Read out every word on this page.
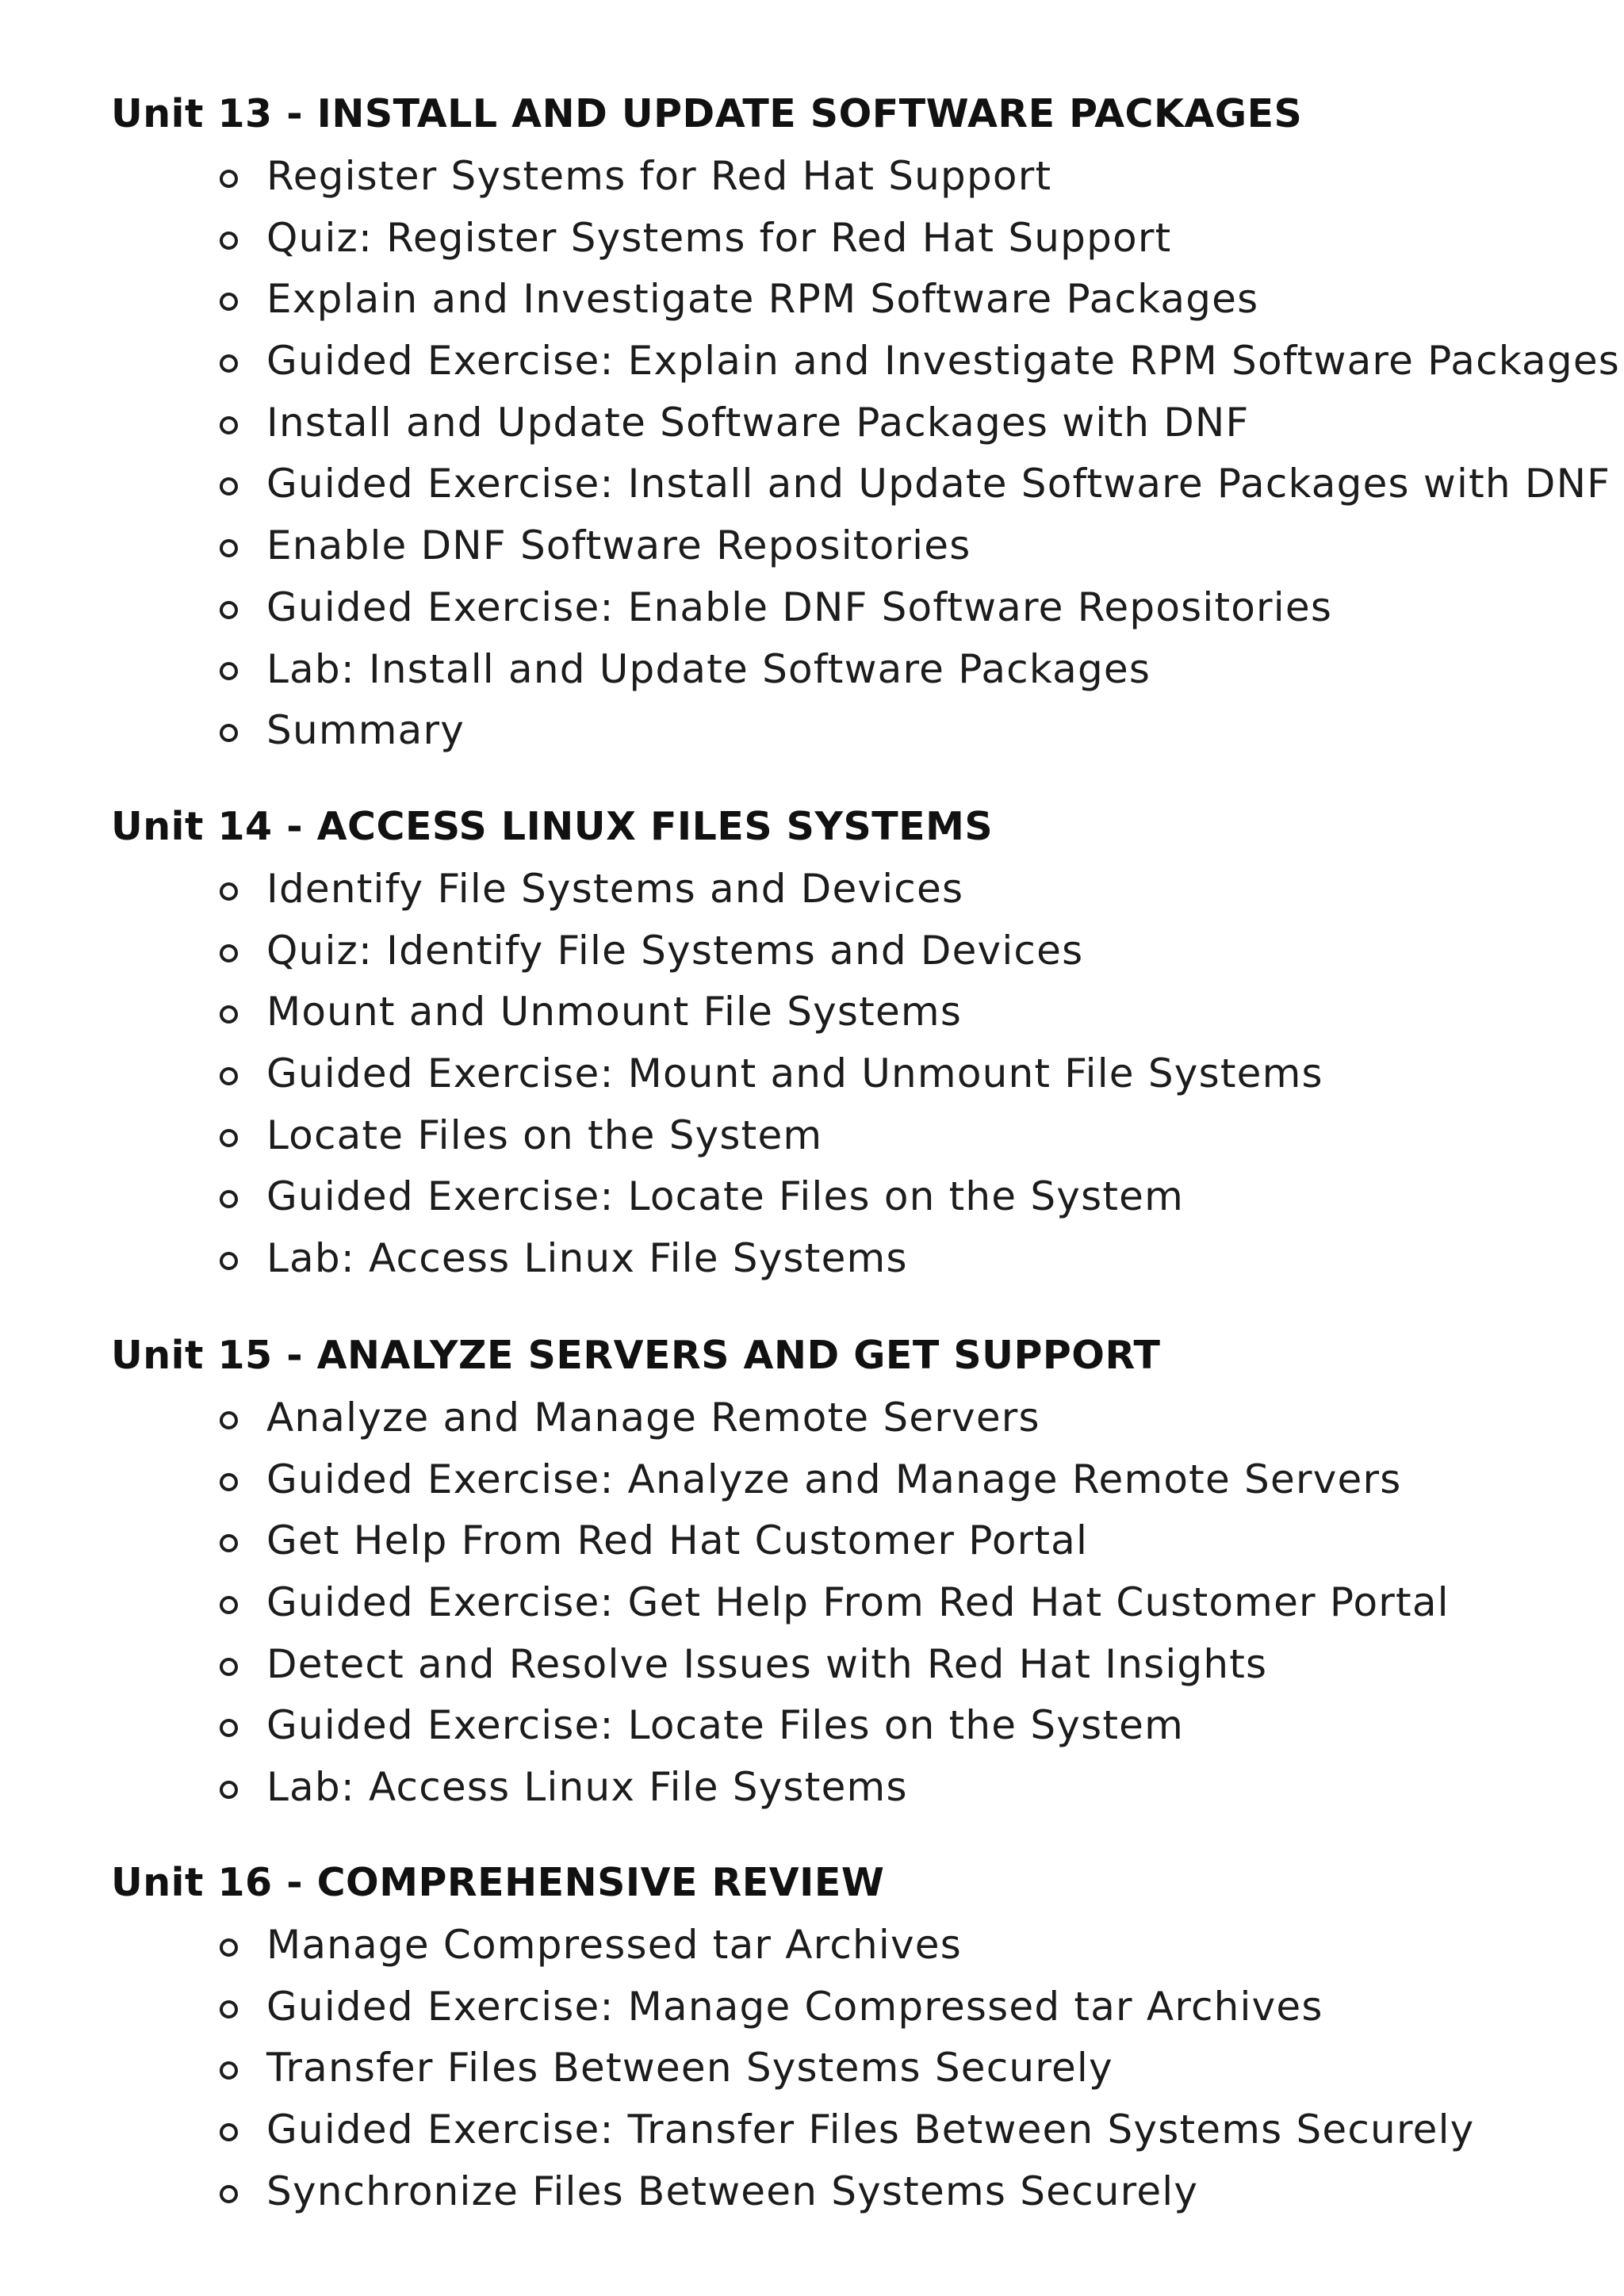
Unit 13 - INSTALL AND UPDATE SOFTWARE PACKAGES
Register Systems for Red Hat Support
Quiz: Register Systems for Red Hat Support
Explain and Investigate RPM Software Packages
Guided Exercise: Explain and Investigate RPM Software Packages
Install and Update Software Packages with DNF
Guided Exercise: Install and Update Software Packages with DNF
Enable DNF Software Repositories
Guided Exercise: Enable DNF Software Repositories
Lab: Install and Update Software Packages
Summary
Unit 14 - ACCESS LINUX FILES SYSTEMS
Identify File Systems and Devices
Quiz: Identify File Systems and Devices
Mount and Unmount File Systems
Guided Exercise: Mount and Unmount File Systems
Locate Files on the System
Guided Exercise: Locate Files on the System
Lab: Access Linux File Systems
Unit 15 - ANALYZE SERVERS AND GET SUPPORT
Analyze and Manage Remote Servers
Guided Exercise: Analyze and Manage Remote Servers
Get Help From Red Hat Customer Portal
Guided Exercise: Get Help From Red Hat Customer Portal
Detect and Resolve Issues with Red Hat Insights
Guided Exercise: Locate Files on the System
Lab: Access Linux File Systems
Unit 16 - COMPREHENSIVE REVIEW
Manage Compressed tar Archives
Guided Exercise: Manage Compressed tar Archives
Transfer Files Between Systems Securely
Guided Exercise: Transfer Files Between Systems Securely
Synchronize Files Between Systems Securely
